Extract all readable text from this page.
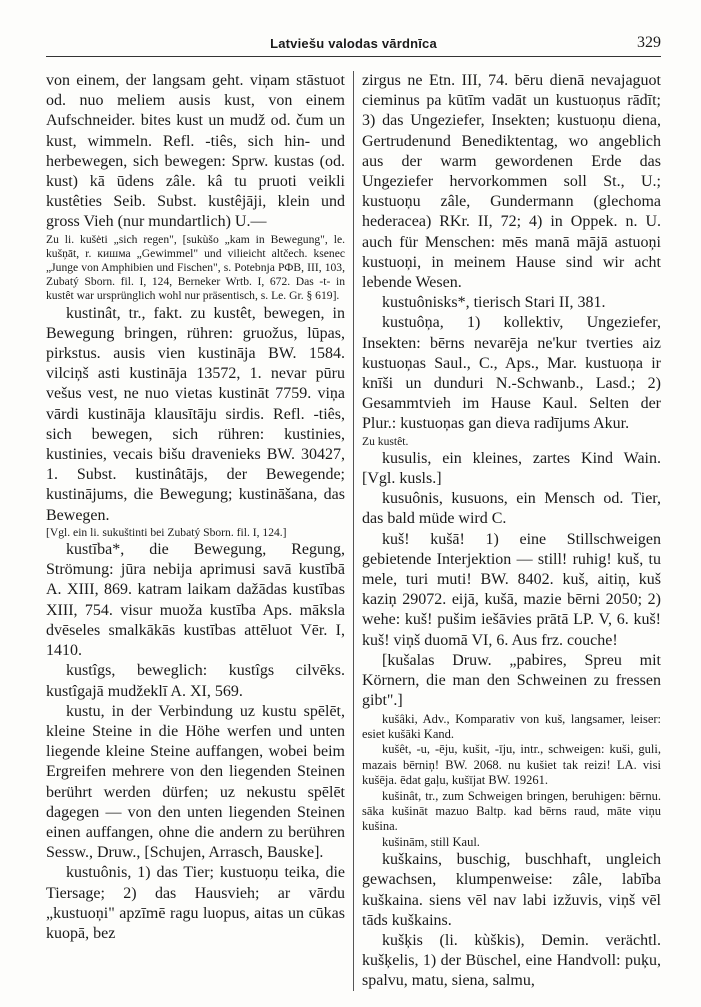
Latviešu valodas vārdnīca	329

von einem, der langsam geht. viņam stāstuot od. nuo meliem ausis kust, von einem Aufschneider. bites kust un mudž od. čum un kust, wimmeln. Refl. -tiês, sich hin- und herbewegen, sich bewegen: Sprw. kustas (od. kust) kā ūdens zâle. kâ tu pruoti veikli kustêties Seib. Subst. kustêjāji, klein und gross Vieh (nur mundartlich) U.—

Zu li. kušėti „sich regen", [sukùšo „kam in Bewegung", le. kušņāt, r. кишма „Gewimmel" und vilieicht altčech. ksenec „Junge von Amphibien und Fischen", s. Potebnja РФВ, III, 103, Zubatý Sborn. fil. I, 124, Berneker Wrtb. I, 672. Das -t- in kustêt war ursprünglich wohl nur präsentisch, s. Le. Gr. § 619].

kustinât, tr., fakt. zu kustêt, bewegen, in Bewegung bringen, rühren: gruožus, lūpas, pirkstus. ausis vien kustināja BW. 1584. vilciņš asti kustināja 13572, 1. nevar pūru vešus vest, ne nuo vietas kustināt 7759. viņa vārdi kustināja klausītāju sirdis. Refl. -tiês, sich bewegen, sich rühren: kustinies, kustinies, vecais bišu dravenieks BW. 30427, 1. Subst. kustinâtājs, der Bewegende; kustinājums, die Bewegung; kustināšana, das Bewegen.

[Vgl. ein li. sukuštinti bei Zubatý Sborn. fil. I, 124.]

kustība*, die Bewegung, Regung, Strömung: jūra nebija aprimusi savā kustībā A. XIII, 869. katram laikam dažādas kustības XIII, 754. visur muoža kustība Aps. māksla dvēseles smalkākās kustības attēluot Vēr. I, 1410.

kustîgs, beweglich: kustîgs cilvēks. kustîgajā mudžeklī A. XI, 569.

kustu, in der Verbindung uz kustu spēlēt, kleine Steine in die Höhe werfen und unten liegende kleine Steine auffangen, wobei beim Ergreifen mehrere von den liegenden Steinen berührt werden dürfen; uz nekustu spēlēt dagegen — von den unten liegenden Steinen einen auffangen, ohne die andern zu berühren Sessw., Druw., [Schujen, Arrasch, Bauske].

kustuônis, 1) das Tier; kustuoņu teika, die Tiersage; 2) das Hausvieh; ar vārdu „kustuoņi" apzīmē ragu luopus, aitas un cūkas kuopā, bez

zirgus ne Etn. III, 74. bēru dienā nevajaguot cieminus pa kūtīm vadāt un kustuoņus rādīt; 3) das Ungeziefer, Insekten; kustuoņu diena, Gertrudenund Benediktentag, wo angeblich aus der warm gewordenen Erde das Ungeziefer hervorkommen soll St., U.; kustuoņu zâle, Gundermann (glechoma hederacea) RKr. II, 72; 4) in Oppek. n. U. auch für Menschen: mēs manā mājā astuoņi kustuoņi, in meinem Hause sind wir acht lebende Wesen.

kustuônisks*, tierisch Stari II, 381.

kustuôņa, 1) kollektiv, Ungeziefer, Insekten: bērns nevarēja ne'kur tverties aiz kustuoņas Saul., C., Aps., Mar. kustuoņa ir knīši un dunduri N.-Schwanb., Lasd.; 2) Gesammtvieh im Hause Kaul. Selten der Plur.: kustuoņas gan dieva radījums Akur.

Zu kustêt.

kusulis, ein kleines, zartes Kind Wain. [Vgl. kusls.]

kusuônis, kusuons, ein Mensch od. Tier, das bald müde wird C.

kuš! kušā! 1) eine Stillschweigen gebietende Interjektion — still! ruhig! kuš, tu mele, turi muti! BW. 8402. kuš, aitiņ, kuš kaziņ 29072. eijā, kušā, mazie bērni 2050; 2) wehe: kuš! pušim iešāvies prātā LP. V, 6. kuš! kuš! viņš duomā VI, 6. Aus frz. couche!

[kušalas Druw. „pabires, Spreu mit Körnern, die man den Schweinen zu fressen gibt".]

kušâki, Adv., Komparativ von kuš, langsamer, leiser: esiet kušāki Kand.

kušêt, -u, -ēju, kušit, -īju, intr., schweigen: kuši, guli, mazais bērniņ! BW. 2068. nu kušiet tak reizi! LA. visi kušēja. ēdat gaļu, kušījat BW. 19261.

kušinât, tr., zum Schweigen bringen, beruhigen: bērnu. sāka kušināt mazuo Baltp. kad bērns raud, māte viņu kušina.

kušinām, still Kaul.

kuškains, buschig, buschhaft, ungleich gewachsen, klumpenweise: zâle, labība kuškaina. siens vēl nav labi izžuvis, viņš vēl tāds kuškains.

kušķis (li. kùškis), Demin. verächtl. kušķelis, 1) der Büschel, eine Handvoll: puķu, spalvu, matu, siena, salmu,
